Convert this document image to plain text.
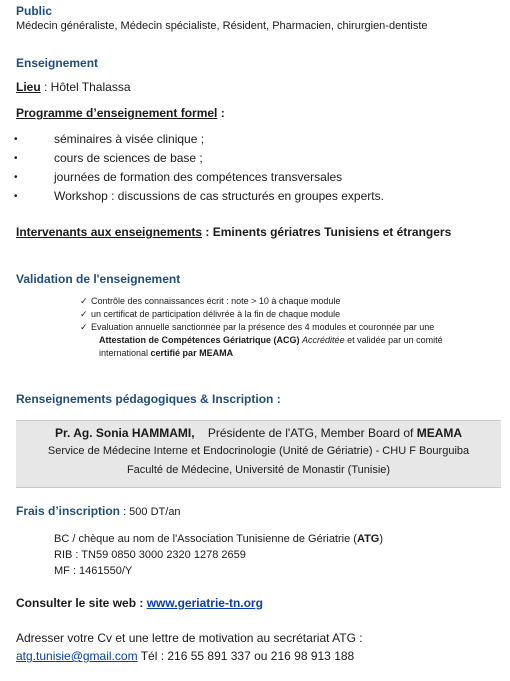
Public
Médecin généraliste, Médecin spécialiste, Résident, Pharmacien, chirurgien-dentiste
Enseignement
Lieu : Hôtel Thalassa
Programme d’enseignement formel :
•	séminaires à visée clinique ;
•	cours de sciences de base ;
•	journées de formation des compétences transversales
•	Workshop : discussions de cas structurés en groupes experts.
Intervenants aux enseignements : Eminents gériatres Tunisiens et étrangers
Validation de l'enseignement
✓ Contrôle des connaissances écrit : note > 10 à chaque module
✓ un certificat de participation délivrée à la fin de chaque module
✓ Evaluation annuelle sanctionnée par la présence des 4 modules et couronnée par une
Attestation de Compétences Gériatrique (ACG) Accréditée et validée par un comité
international certifié par MEAMA
Renseignements pédagogiques & Inscription :
Pr. Ag. Sonia HAMMAMI, Présidente de l'ATG, Member Board of MEAMA
Service de Médecine Interne et Endocrinologie (Unité de Gériatrie) - CHU F Bourguiba
Faculté de Médecine, Université de Monastir (Tunisie)
Frais d’inscription : 500 DT/an
BC / chèque au nom de l'Association Tunisienne de Gériatrie (ATG)
RIB : TN59 0850 3000 2320 1278 2659
MF : 1461550/Y
Consulter le site web : www.geriatrie-tn.org
Adresser votre Cv et une lettre de motivation au secrétariat ATG :
atg.tunisie@gmail.com Tél : 216 55 891 337 ou 216 98 913 188
